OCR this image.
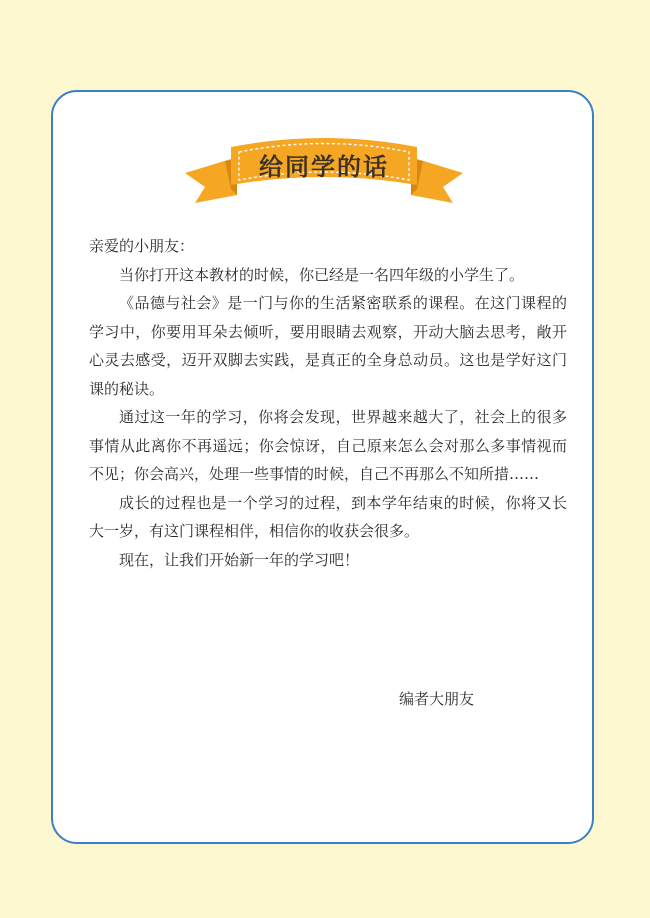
给同学的话

亲爱的小朋友：

当你打开这本教材的时候，你已经是一名四年级的小学生了。

《品德与社会》是一门与你的生活紧密联系的课程。在这门课程的学习中，你要用耳朵去倾听，要用眼睛去观察，开动大脑去思考，敞开心灵去感受，迈开双脚去实践，是真正的全身总动员。这也是学好这门课的秘诀。

通过这一年的学习，你将会发现，世界越来越大了，社会上的很多事情从此离你不再遥远；你会惊讶，自己原来怎么会对那么多事情视而不见；你会高兴，处理一些事情的时候，自己不再那么不知所措……

成长的过程也是一个学习的过程，到本学年结束的时候，你将又长大一岁，有这门课程相伴，相信你的收获会很多。

现在，让我们开始新一年的学习吧！

编者大朋友
